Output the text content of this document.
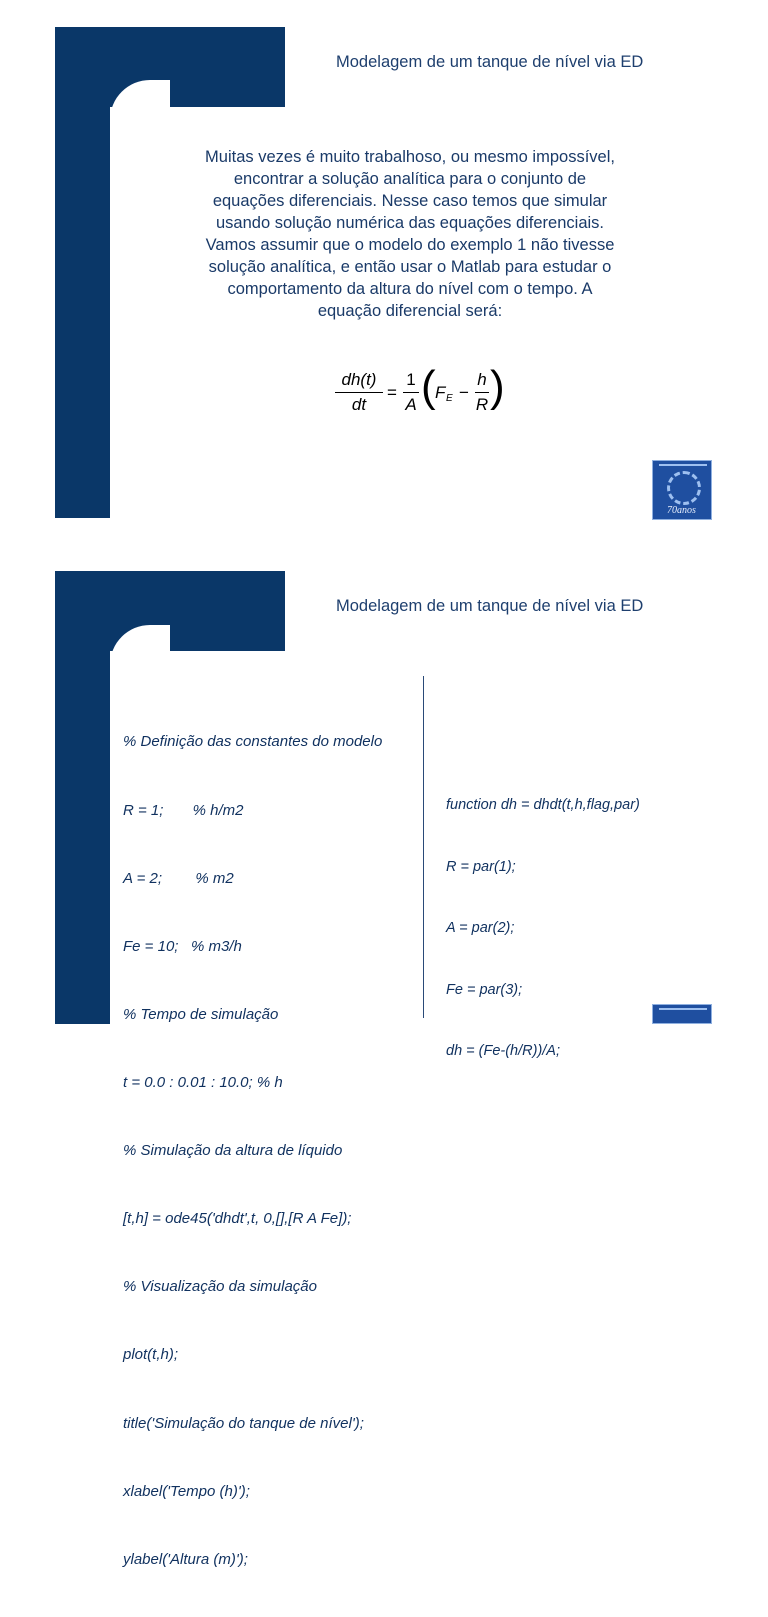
Modelagem de um tanque de nível via ED
Muitas vezes é muito trabalhoso, ou mesmo impossível,
encontrar a solução analítica para o conjunto de
equações diferenciais. Nesse caso temos que simular
usando solução numérica das equações diferenciais.
Vamos assumir que o modelo do exemplo 1 não tivesse
solução analítica, e então usar o Matlab para estudar o
comportamento da altura do nível com o tempo. A
equação diferencial será:
dh(t)
dt
=
1
A ( F E −
h
R )
70anos
Modelagem de um tanque de nível via ED

% Definição das constantes do modelo

R = 1;       % h/m2

A = 2;        % m2

Fe = 10;   % m3/h

% Tempo de simulação

t = 0.0 : 0.01 : 10.0; % h

% Simulação da altura de líquido

[t,h] = ode45('dhdt',t, 0,[],[R A Fe]);

% Visualização da simulação

plot(t,h);

title('Simulação do tanque de nível');

xlabel('Tempo (h)');

ylabel('Altura (m)');

function dh = dhdt(t,h,flag,par)

R = par(1);

A = par(2);

Fe = par(3);

dh = (Fe-(h/R))/A;
